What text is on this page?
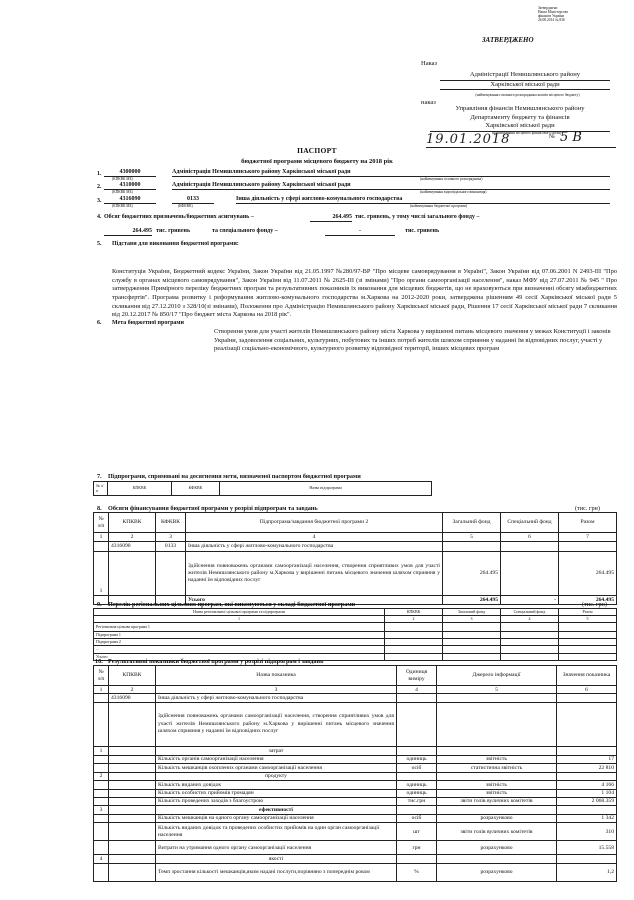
Затверджено
Наказ Міністерства
фінансів України
26.08.2014 № 836
ЗАТВЕРДЖЕНО
Наказ
Адміністрації Немишлянського району
Харківської міської ради
(найменування головного розпорядника коштів місцевого бюджету)
наказ
Управління фінансів Немишлянського району
Департаменту бюджету та фінансів
Харківської міської ради
(найменування місцевого фінансового органу)
19.01.2018	№ 5 В
ПАСПОРТ
бюджетної програми місцевого бюджету на 2018 рік
1.	4300000	Адміністрація Немишлянського району Харківської міської ради
(КПКВК МБ)	(найменування головного розпорядника)
2.	4310000	Адміністрація Немишлянського району Харківської міської ради
(КПКВК МБ)	(найменування відповідального виконавця)
3.	4316090	0133	Інша діяльність у сфері житлово-комунального господарства
(КПКВК МБ)	(КФКВК)	(найменування бюджетної програми)
4. Обсяг бюджетних призначень/бюджетних асигнувань –	264.495 тис. гривень, у тому числі загального фонду –
264.495 тис. гривень	та спеціального фонду –	-	тис. гривень
5. Підстави для виконання бюджетної програми:
Конституція України, Бюджетний кодекс України, Закон України від 21.05.1997 №280/97-ВР "Про місцеве самоврядування в Україні", Закон України від 07.06.2001 N 2493-III "Про службу в органах місцевого самоврядування", Закон України від 11.07.2011 № 2625-III (зі змінами) "Про органи самоорганізації населення", наказ МФУ від 27.07.2011 № 945 " Про затвердження Примірного переліку бюджетних програм та результативних показників їх виконання для місцевих бюджетів, що не враховуються при визначенні обсягу міжбюджетних трансфертів". Програма розвитку і реформування житлово-комунального господарства м.Харкова на 2012-2020 роки, затверджена рішенням 49 сесії Харківської міської ради 5 скликання від 27.12.2010 з 328/10(зі змінами), Положення про Адміністрацію Немишлянського району Харківської міської ради, Рішення 17 сесії Харківської міської ради 7 скликання від 20.12.2017 № 850/17 "Про бюджет міста Харкова на 2018 рік".
6. Мета бюджетної програми
Створення умов для участі жителів Немишлянського району міста Харкова у вирішенні питань місцевого значення у межах Конституції і законів України, задоволення соціальних, культурних, побутових та інших потреб жителів шляхом сприяння у наданні їм відповідних послуг, участі у реалізації соціально-економічного, культурного розвитку відповідної території, інших місцевих програм
7. Підпрограми, спрямовані на досягнення мети, визначеної паспортом бюджетної програми
№ з/п	КПКВК	КФКВК	Назва підпрограми
8. Обсяги фінансування бюджетної програми у розрізі підпрограм та завдань	(тис. грн)
№ з/п	КПКВК	КФКВК	Підпрограма/завдання бюджетної програми 2	Загальний фонд	Спеціальний фонд	Разом
1	2	3	4	5	6	7
	4316090	0133	Інша діяльність у сфері житлово-комунального господарства			
1			Здійснення повноважень органами самоорганізації населення, створення сприятливих умов для участі жителів Немишлянського району м.Харкова у вирішенні питань місцевого значення шляхом сприяння у наданні їм відповідних послуг	264.495		264.495
			Усього	264.495	-	264.495
9. Перелік регіональних цільових програм, які виконуються у складі бюджетної програми	(тис. грн)
Назва регіональної цільової програми та підпрограми	КПКВК	Загальний фонд	Спеціальний фонд	Разом
1	2	3	4	5
Регіональна цільова програма 1				
Підпрограма 1				
Підпрограма 2				
...				
Усього				
10. Результативні показники бюджетної програми у розрізі підпрограм і завдань
№ з/п	КПКВК	Назва показника	Одиниця виміру	Джерело інформації	Значення показника
1	2	3	4	5	6
	4316090	Інша діяльність у сфері житлово-комунального господарства			
		Здійснення повноважень органами самоорганізації населення, створення сприятливих умов для участі жителів Немишлянського району м.Харкова у вирішенні питань місцевого значення шляхом сприяння у наданні їм відповідних послуг			
1		затрат			
		Кількість органів самоорганізації населення	одиниць	звітність	17
		Кількість мешканців охоплених органами самоорганізації населення	осіб	статистична звітність	22 810
2		продукту			
		Кількість виданих довідок	одиниць	звітність	4 166
		Кількість особистих прийомів громадян	одиниць	звітність	1 104
		Кількість проведених заходів з благоустрою	тис.грн	звіти голів вуличних комітетів	2 068.359
3		ефективності			
		Кількість мешканців на одного органу самоорганізації населення	осіб	розрахунково	1 342
		Кількість виданих довідок та проведених особистих прийомів на один орган самоорганізації населення	шт	звіти голів вуличних комітетів	310
		Витрати на утримання одного органу самоорганізації населення	грн	розрахунково	15.558
4		якості			
		Темп зростання кількості мешканців,яким надані послуги,порівняно з попереднім роком	%	розрахунково	1,2
